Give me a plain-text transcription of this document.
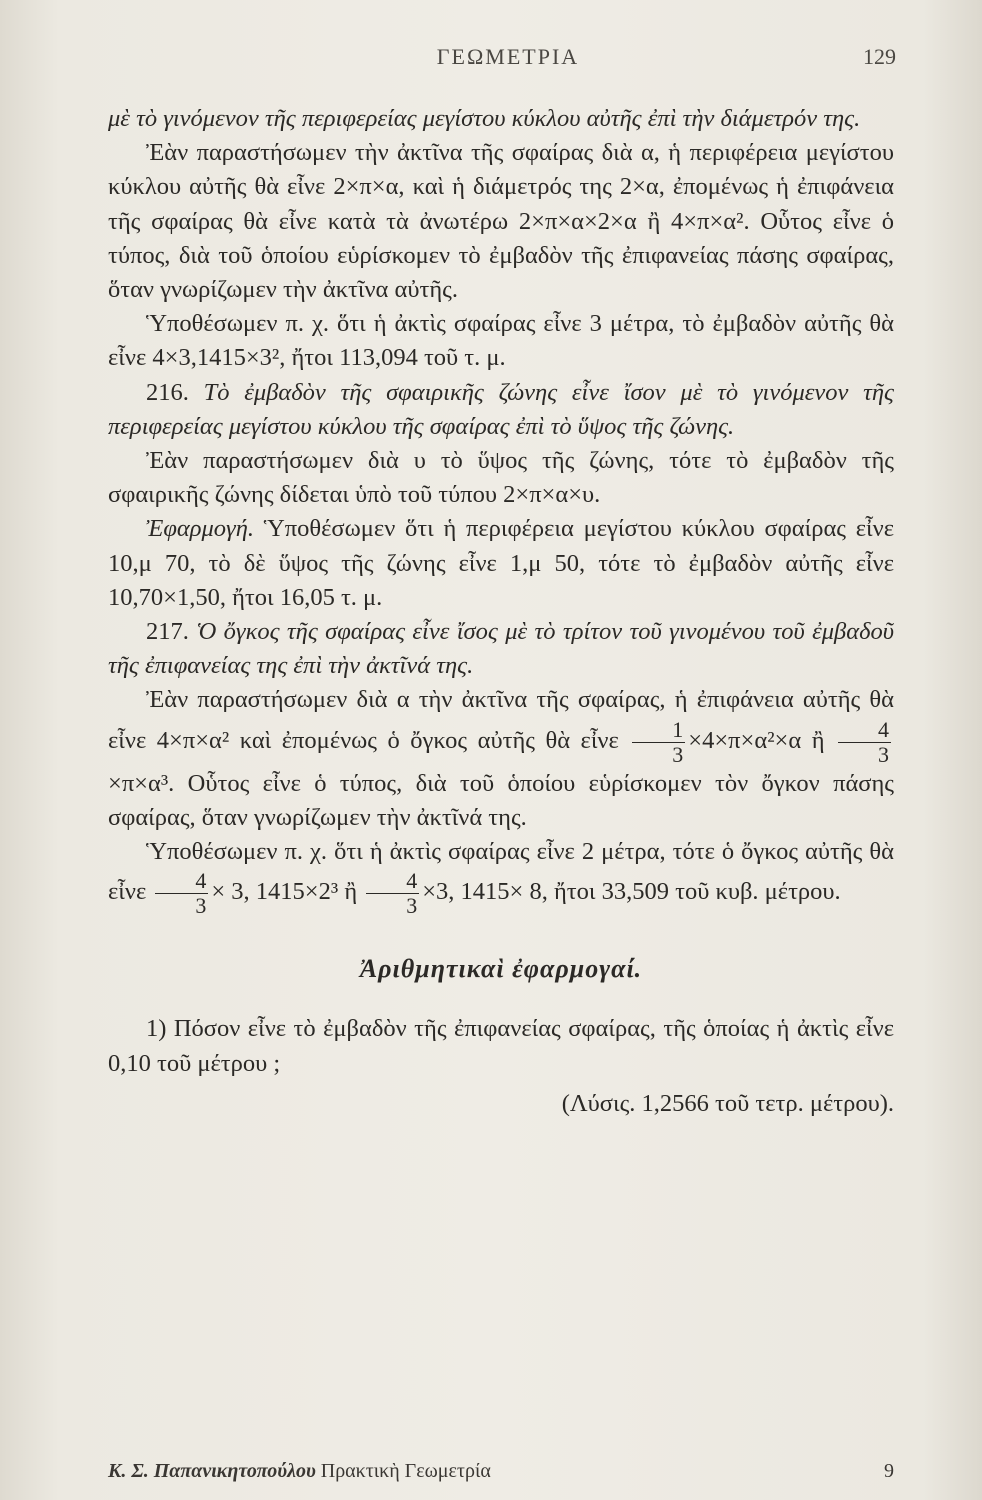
ΓΕΩΜΕΤΡΙΑ	129

μὲ τὸ γινόμενον τῆς περιφερείας μεγίστου κύκλου αὐτῆς ἐπὶ τὴν διάμετρόν της.

Ἐὰν παραστήσωμεν τὴν ἀκτῖνα τῆς σφαίρας διὰ α, ἡ περιφέρεια μεγίστου κύκλου αὐτῆς θὰ εἶνε 2×π×α, καὶ ἡ διάμετρός της 2×α, ἐπομένως ἡ ἐπιφάνεια τῆς σφαίρας θὰ εἶνε κατὰ τὰ ἀνωτέρω 2×π×α×2×α ἢ 4×π×α². Οὗτος εἶνε ὁ τύπος, διὰ τοῦ ὁποίου εὑρίσκομεν τὸ ἐμβαδὸν τῆς ἐπιφανείας πάσης σφαίρας, ὅταν γνωρίζωμεν τὴν ἀκτῖνα αὐτῆς.

Ὑποθέσωμεν π. χ. ὅτι ἡ ἀκτὶς σφαίρας εἶνε 3 μέτρα, τὸ ἐμβαδὸν αὐτῆς θὰ εἶνε 4×3,1415×3², ἤτοι 113,094 τοῦ τ. μ.

216. Τὸ ἐμβαδὸν τῆς σφαιρικῆς ζώνης εἶνε ἴσον μὲ τὸ γινόμενον τῆς περιφερείας μεγίστου κύκλου τῆς σφαίρας ἐπὶ τὸ ὕψος τῆς ζώνης.

Ἐὰν παραστήσωμεν διὰ υ τὸ ὕψος τῆς ζώνης, τότε τὸ ἐμβαδὸν τῆς σφαιρικῆς ζώνης δίδεται ὑπὸ τοῦ τύπου 2×π×α×υ.

Ἐφαρμογή. Ὑποθέσωμεν ὅτι ἡ περιφέρεια μεγίστου κύκλου σφαίρας εἶνε 10,μ 70, τὸ δὲ ὕψος τῆς ζώνης εἶνε 1,μ 50, τότε τὸ ἐμβαδὸν αὐτῆς εἶνε 10,70×1,50, ἤτοι 16,05 τ. μ.

217. Ὁ ὄγκος τῆς σφαίρας εἶνε ἴσος μὲ τὸ τρίτον τοῦ γινομένου τοῦ ἐμβαδοῦ τῆς ἐπιφανείας της ἐπὶ τὴν ἀκτῖνά της.

Ἐὰν παραστήσωμεν διὰ α τὴν ἀκτῖνα τῆς σφαίρας, ἡ ἐπιφάνεια αὐτῆς θὰ εἶνε 4×π×α² καὶ ἐπομένως ὁ ὄγκος αὐτῆς θὰ εἶνε $\frac{1}{3} \times 4\times\pi\times\alpha^2\times\alpha$ ἢ $\frac{4}{3}$
×π×α³. Οὗτος εἶνε ὁ τύπος, διὰ τοῦ ὁποίου εὑρίσκομεν τὸν ὄγκον πάσης σφαίρας, ὅταν γνωρίζωμεν τὴν ἀκτῖνά της.

Ὑποθέσωμεν π. χ. ὅτι ἡ ἀκτὶς σφαίρας εἶνε 2 μέτρα, τότε ὁ ὄγκος αὐτῆς θὰ εἶνε $\frac{4}{3} \times 3$, 1415×2³ ἢ $\frac{4}{3} \times 3$, 1415× 8, ἤτοι 33,509 τοῦ κυβ. μέτρου.

Ἀριθμητικαὶ ἐφαρμογαί.

1) Πόσον εἶνε τὸ ἐμβαδὸν τῆς ἐπιφανείας σφαίρας, τῆς ὁποίας ἡ ἀκτὶς εἶνε 0,10 τοῦ μέτρου ;

(Λύσις. 1,2566 τοῦ τετρ. μέτρου).

Κ. Σ. Παπανικητοπούλου Πρακτικὴ Γεωμετρία	9
